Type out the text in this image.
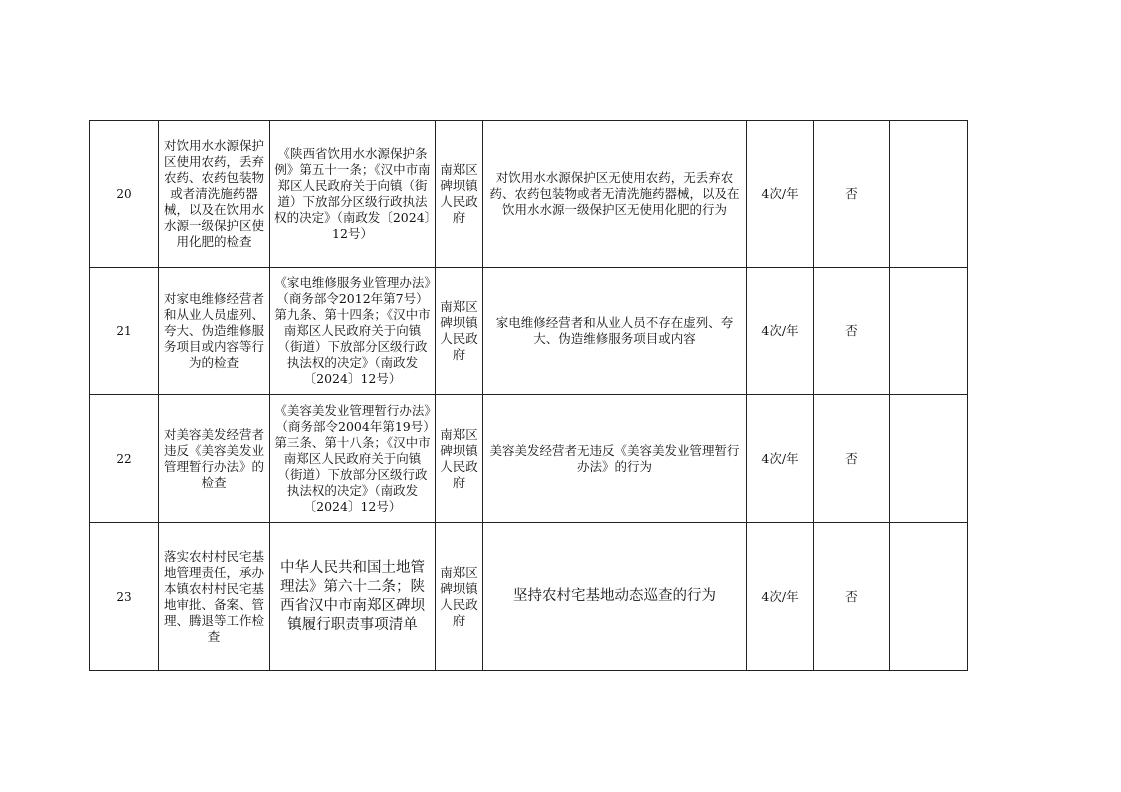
20	对饮用水水源保护区使用农药，丢弃农药、农药包装物或者清洗施药器械，以及在饮用水水源一级保护区使用化肥的检查	《陕西省饮用水水源保护条例》第五十一条；《汉中市南郑区人民政府关于向镇（街道）下放部分区级行政执法权的决定》（南政发〔2024〕12号）	南郑区碑坝镇人民政府	对饮用水水源保护区无使用农药，无丢弃农药、农药包装物或者无清洗施药器械，以及在饮用水水源一级保护区无使用化肥的行为	4次/年	否	
21	对家电维修经营者和从业人员虚列、夸大、伪造维修服务项目或内容等行为的检查	《家电维修服务业管理办法》（商务部令2012年第7号）第九条、第十四条；《汉中市南郑区人民政府关于向镇（街道）下放部分区级行政执法权的决定》（南政发〔2024〕12号）	南郑区碑坝镇人民政府	家电维修经营者和从业人员不存在虚列、夸大、伪造维修服务项目或内容	4次/年	否	
22	对美容美发经营者违反《美容美发业管理暂行办法》的检查	《美容美发业管理暂行办法》（商务部令2004年第19号）第三条、第十八条；《汉中市南郑区人民政府关于向镇（街道）下放部分区级行政执法权的决定》（南政发〔2024〕12号）	南郑区碑坝镇人民政府	美容美发经营者无违反《美容美发业管理暂行办法》的行为	4次/年	否	
23	落实农村村民宅基地管理责任，承办本镇农村村民宅基地审批、备案、管理、腾退等工作检查	中华人民共和国土地管理法》第六十二条；陕西省汉中市南郑区碑坝镇履行职责事项清单	南郑区碑坝镇人民政府	坚持农村宅基地动态巡查的行为	4次/年	否	
